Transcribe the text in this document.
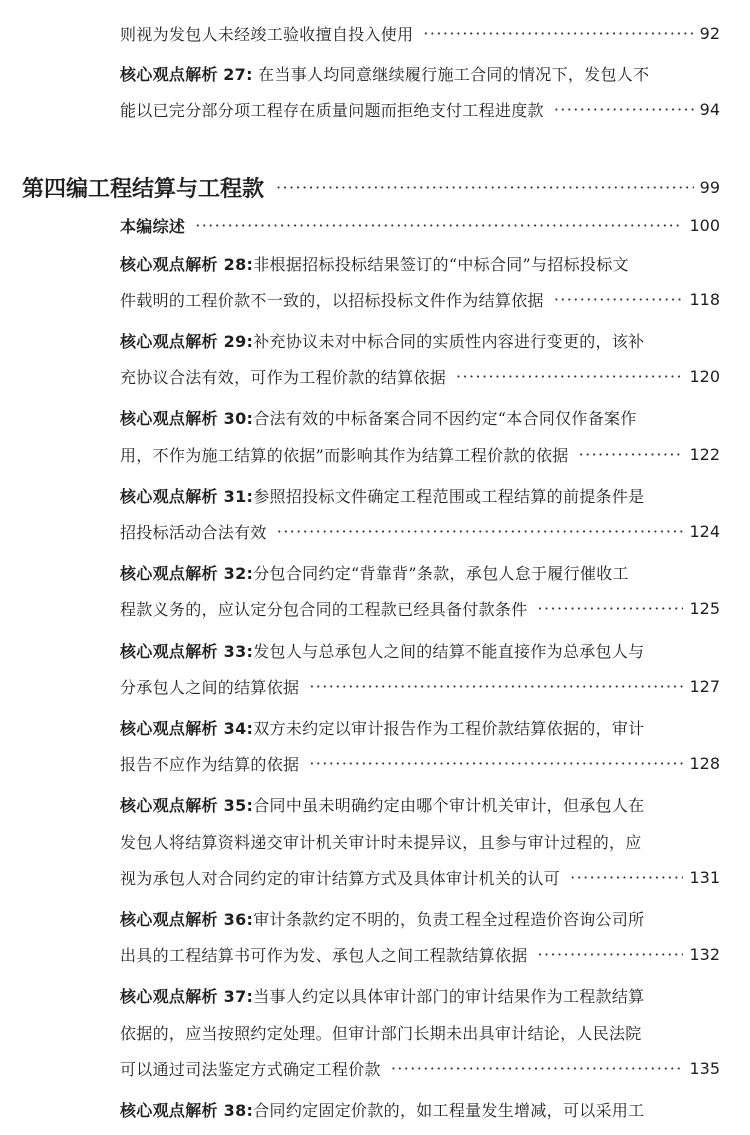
则视为发包人未经竣工验收擅自投入使用 ·····	92
核心观点解析 27: 在当事人均同意继续履行施工合同的情况下，发包人不
能以已完分部分项工程存在质量问题而拒绝支付工程进度款 ·····	94
第四编 工程结算与工程款 ·····	99
本编综述 ·····	100
核心观点解析 28:非根据招标投标结果签订的“中标合同”与招标投标文
件载明的工程价款不一致的，以招标投标文件作为结算依据 ·····	118
核心观点解析 29:补充协议未对中标合同的实质性内容进行变更的，该补
充协议合法有效，可作为工程价款的结算依据 ·····	120
核心观点解析 30:合法有效的中标备案合同不因约定“本合同仅作备案作
用，不作为施工结算的依据”而影响其作为结算工程价款的依据 ·····	122
核心观点解析 31:参照招投标文件确定工程范围或工程结算的前提条件是
招投标活动合法有效 ·····	124
核心观点解析 32:分包合同约定“背靠背”条款，承包人怠于履行催收工
程款义务的，应认定分包合同的工程款已经具备付款条件 ·····	125
核心观点解析 33:发包人与总承包人之间的结算不能直接作为总承包人与
分承包人之间的结算依据 ·····	127
核心观点解析 34:双方未约定以审计报告作为工程价款结算依据的，审计
报告不应作为结算的依据 ·····	128
核心观点解析 35:合同中虽未明确约定由哪个审计机关审计，但承包人在
发包人将结算资料递交审计机关审计时未提异议，且参与审计过程的，应
视为承包人对合同约定的审计结算方式及具体审计机关的认可 ·····	131
核心观点解析 36:审计条款约定不明的，负责工程全过程造价咨询公司所
出具的工程结算书可作为发、承包人之间工程款结算依据 ·····	132
核心观点解析 37:当事人约定以具体审计部门的审计结果作为工程款结算
依据的，应当按照约定处理。但审计部门长期未出具审计结论，人民法院
可以通过司法鉴定方式确定工程价款 ·····	135
核心观点解析 38:合同约定固定价款的，如工程量发生增减，可以采用工
